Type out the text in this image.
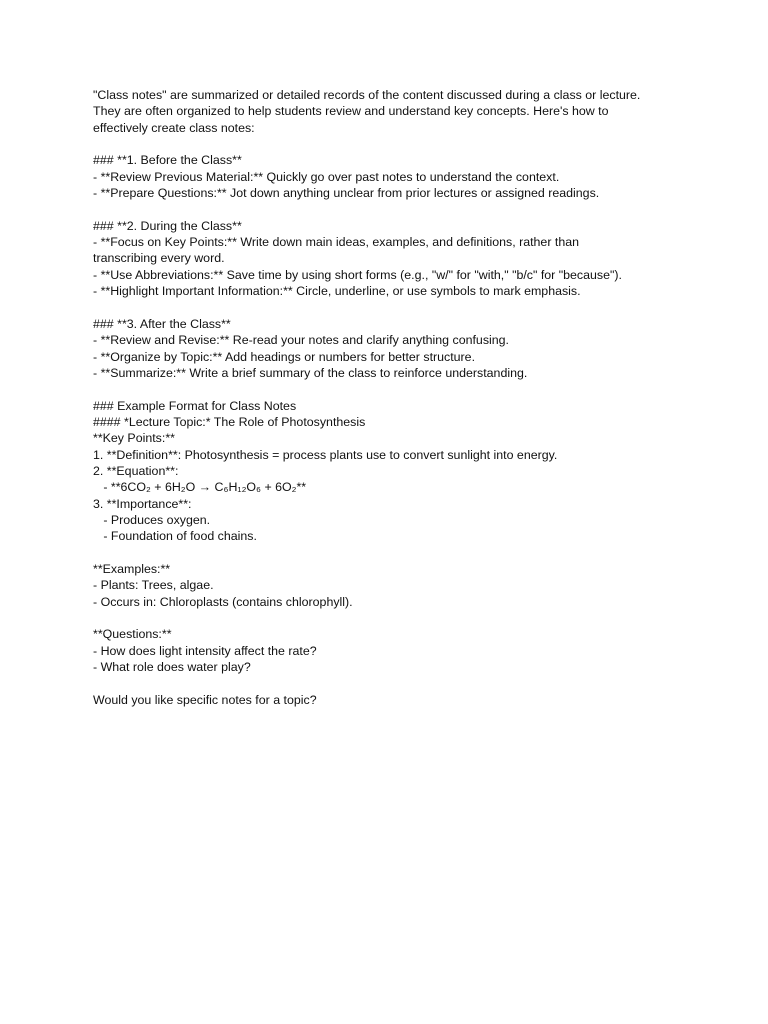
"Class notes" are summarized or detailed records of the content discussed during a class or lecture.
They are often organized to help students review and understand key concepts. Here's how to
effectively create class notes:
### **1. Before the Class**
- **Review Previous Material:** Quickly go over past notes to understand the context.
- **Prepare Questions:** Jot down anything unclear from prior lectures or assigned readings.
### **2. During the Class**
- **Focus on Key Points:** Write down main ideas, examples, and definitions, rather than
transcribing every word.
- **Use Abbreviations:** Save time by using short forms (e.g., "w/" for "with," "b/c" for "because").
- **Highlight Important Information:** Circle, underline, or use symbols to mark emphasis.
### **3. After the Class**
- **Review and Revise:** Re-read your notes and clarify anything confusing.
- **Organize by Topic:** Add headings or numbers for better structure.
- **Summarize:** Write a brief summary of the class to reinforce understanding.
### Example Format for Class Notes
#### *Lecture Topic:* The Role of Photosynthesis
**Key Points:**
1. **Definition**: Photosynthesis = process plants use to convert sunlight into energy.
2. **Equation**:
- **6CO₂ + 6H₂O → C₆H₁₂O₆ + 6O₂**
3. **Importance**:
- Produces oxygen.
- Foundation of food chains.
**Examples:**
- Plants: Trees, algae.
- Occurs in: Chloroplasts (contains chlorophyll).
**Questions:**
- How does light intensity affect the rate?
- What role does water play?
Would you like specific notes for a topic?
